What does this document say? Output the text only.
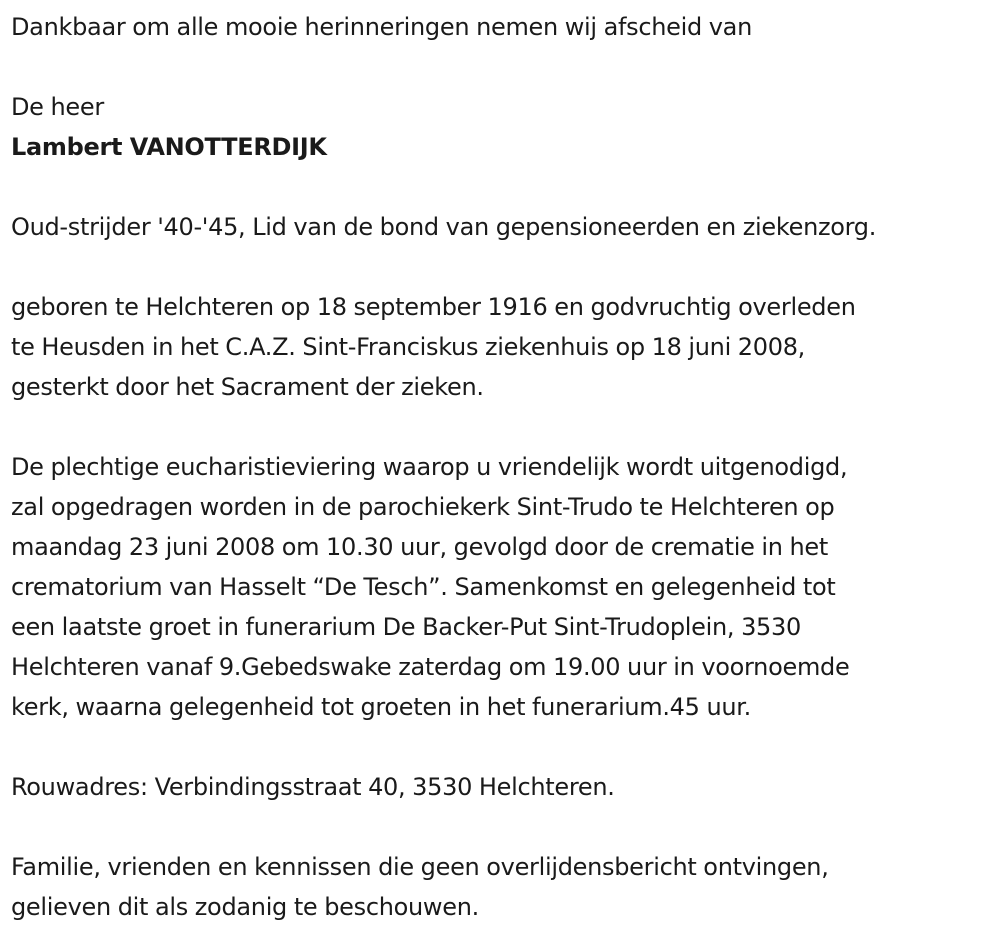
Dankbaar om alle mooie herinneringen nemen wij afscheid van

De heer

Lambert VANOTTERDIJK

Oud-strijder '40-'45, Lid van de bond van gepensioneerden en ziekenzorg.

geboren te Helchteren op 18 september 1916 en godvruchtig overleden
te Heusden in het C.A.Z. Sint-Franciskus ziekenhuis op 18 juni 2008,
gesterkt door het Sacrament der zieken.

De plechtige eucharistieviering waarop u vriendelijk wordt uitgenodigd,
zal opgedragen worden in de parochiekerk Sint-Trudo te Helchteren op
maandag 23 juni 2008 om 10.30 uur, gevolgd door de crematie in het
crematorium van Hasselt “De Tesch”. Samenkomst en gelegenheid tot
een laatste groet in funerarium De Backer-Put Sint-Trudoplein, 3530
Helchteren vanaf 9.Gebedswake zaterdag om 19.00 uur in voornoemde
kerk, waarna gelegenheid tot groeten in het funerarium.45 uur.

Rouwadres: Verbindingsstraat 40, 3530 Helchteren.

Familie, vrienden en kennissen die geen overlijdensbericht ontvingen,
gelieven dit als zodanig te beschouwen.
